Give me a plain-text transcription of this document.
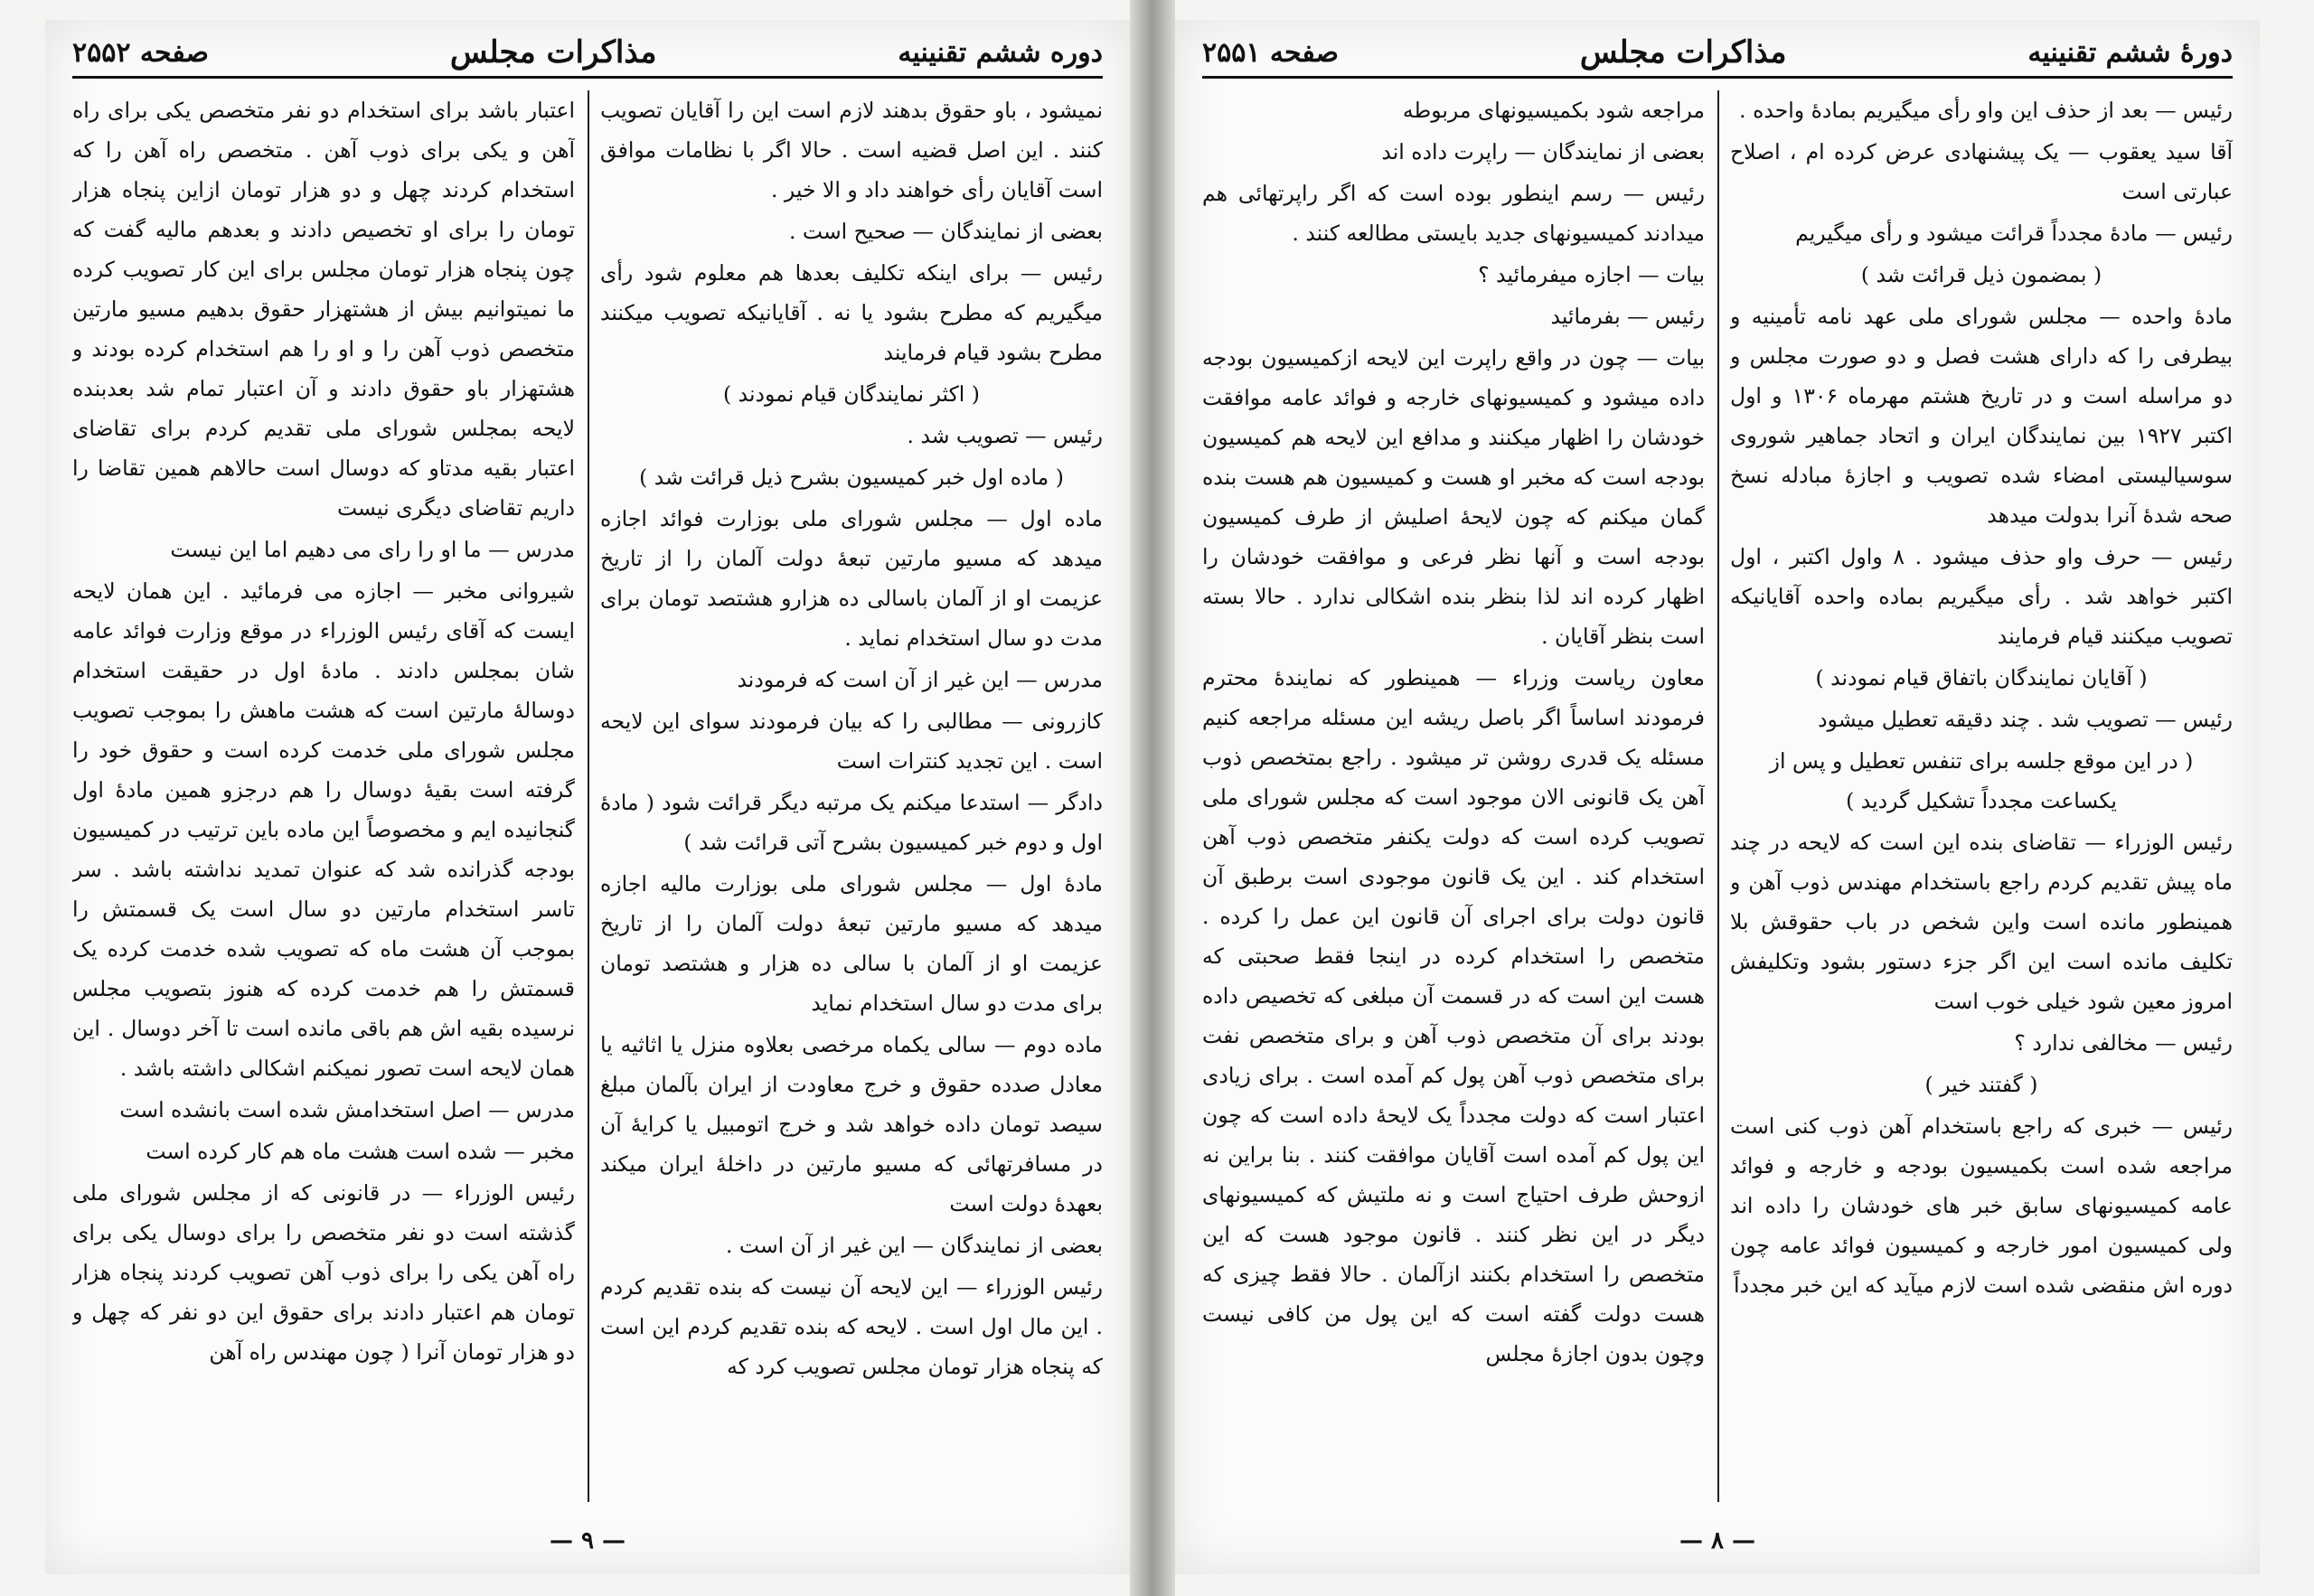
دوره ششم تقنینیه
مذاکرات مجلس
صفحه ۲۵۵۲

نمیشود ، باو حقوق بدهند لازم است این را آقایان تصویب کنند . این اصل قضیه است . حالا اگر با نظامات موافق است آقایان رأی خواهند داد و الا خیر .

بعضی از نمایندگان — صحیح است .

رئیس — برای اینکه تکلیف بعدها هم معلوم شود رأی میگیریم که مطرح بشود یا نه . آقایانیکه تصویب میکنند مطرح بشود قیام فرمایند

( اکثر نمایندگان قیام نمودند )

رئیس — تصویب شد .

( ماده اول خبر کمیسیون بشرح ذیل قرائت شد )

ماده اول — مجلس شورای ملی بوزارت فوائد اجازه میدهد که مسیو مارتین تبعهٔ دولت آلمان را از تاریخ عزیمت او از آلمان باسالی ده هزارو هشتصد تومان برای مدت دو سال استخدام نماید .

مدرس — این غیر از آن است که فرمودند

کازرونی — مطالبی را که بیان فرمودند سوای این لایحه است . این تجدید کنترات است

دادگر — استدعا میکنم یک مرتبه دیگر قرائت شود ( مادهٔ اول و دوم خبر کمیسیون بشرح آتی قرائت شد )

مادهٔ اول — مجلس شورای ملی بوزارت مالیه اجازه میدهد که مسیو مارتین تبعهٔ دولت آلمان را از تاریخ عزیمت او از آلمان با سالی ده هزار و هشتصد تومان برای مدت دو سال استخدام نماید

ماده دوم — سالی یکماه مرخصی بعلاوه منزل یا اثاثیه یا معادل صدده حقوق و خرج معاودت از ایران بآلمان مبلغ سیصد تومان داده خواهد شد و خرج اتومبیل یا کرایهٔ آن در مسافرتهائی که مسیو مارتین در داخلهٔ ایران میکند بعهدهٔ دولت است

بعضی از نمایندگان — این غیر از آن است .

رئیس الوزراء — این لایحه آن نیست که بنده تقدیم کردم . این مال اول است . لایحه که بنده تقدیم کردم این است که پنجاه هزار تومان مجلس تصویب کرد که

اعتبار باشد برای استخدام دو نفر متخصص یکی برای راه آهن و یکی برای ذوب آهن . متخصص راه آهن را که استخدام کردند چهل و دو هزار تومان ازاین پنجاه هزار تومان را برای او تخصیص دادند و بعدهم مالیه گفت که چون پنجاه هزار تومان مجلس برای این کار تصویب کرده ما نمیتوانیم بیش از هشتهزار حقوق بدهیم مسیو مارتین متخصص ذوب آهن را و او را هم استخدام کرده بودند و هشتهزار باو حقوق دادند و آن اعتبار تمام شد بعدبنده لایحه بمجلس شورای ملی تقدیم کردم برای تقاضای اعتبار بقیه مدتاو که دوسال است حالاهم همین تقاضا را داریم تقاضای دیگری نیست

مدرس — ما او را رای می دهیم اما این نیست

شیروانی مخبر — اجازه می فرمائید . این همان لایحه ایست که آقای رئیس الوزراء در موقع وزارت فوائد عامه شان بمجلس دادند . مادهٔ اول در حقیقت استخدام دوسالهٔ مارتین است که هشت ماهش را بموجب تصویب مجلس شورای ملی خدمت کرده است و حقوق خود را گرفته است بقیهٔ دوسال را هم درجزو همین مادهٔ اول گنجانیده ایم و مخصوصاً این ماده باین ترتیب در کمیسیون بودجه گذرانده شد که عنوان تمدید نداشته باشد . سر تاسر استخدام مارتین دو سال است یک قسمتش را بموجب آن هشت ماه که تصویب شده خدمت کرده یک قسمتش را هم خدمت کرده که هنوز بتصویب مجلس نرسیده بقیه اش هم باقی مانده است تا آخر دوسال . این همان لایحه است تصور نمیکنم اشکالی داشته باشد .

مدرس — اصل استخدامش شده است بانشده است

مخبر — شده است هشت ماه هم کار کرده است

رئیس الوزراء — در قانونی که از مجلس شورای ملی گذشته است دو نفر متخصص را برای دوسال یکی برای راه آهن یکی را برای ذوب آهن تصویب کردند پنجاه هزار تومان هم اعتبار دادند برای حقوق این دو نفر که چهل و دو هزار تومان آنرا ( چون مهندس راه آهن

— ۹ —
دورهٔ ششم تقنینیه
مذاکرات مجلس
صفحه ۲۵۵۱

رئیس — بعد از حذف این واو رأی میگیریم بمادهٔ واحده .

آقا سید یعقوب — یک پیشنهادی عرض کرده ام ، اصلاح عبارتی است

رئیس — مادهٔ مجدداً قرائت میشود و رأی میگیریم

( بمضمون ذیل قرائت شد )

مادهٔ واحده — مجلس شورای ملی عهد نامه تأمینیه و بیطرفی را که دارای هشت فصل و دو صورت مجلس و دو مراسله است و در تاریخ هشتم مهرماه ۱۳۰۶ و اول اکتبر ۱۹۲۷ بین نمایندگان ایران و اتحاد جماهیر شوروی سوسیالیستی امضاء شده تصویب و اجازهٔ مبادله نسخ صحه شدهٔ آنرا بدولت میدهد

رئیس — حرف واو حذف میشود . ۸ واول اکتبر ، اول اکتبر خواهد شد . رأی میگیریم بماده واحده آقایانیکه تصویب میکنند قیام فرمایند

( آقایان نمایندگان باتفاق قیام نمودند )

رئیس — تصویب شد . چند دقیقه تعطیل میشود

( در این موقع جلسه برای تنفس تعطیل و پس از یکساعت مجدداً تشکیل گردید )

رئیس الوزراء — تقاضای بنده این است که لایحه در چند ماه پیش تقدیم کردم راجع باستخدام مهندس ذوب آهن و همینطور مانده است واین شخص در باب حقوقش بلا تکلیف مانده است این اگر جزء دستور بشود وتکلیفش امروز معین شود خیلی خوب است

رئیس — مخالفی ندارد ؟

( گفتند خیر )

رئیس — خبری که راجع باستخدام آهن ذوب کنی است مراجعه شده است بکمیسیون بودجه و خارجه و فوائد عامه کمیسیونهای سابق خبر های خودشان را داده اند ولی کمیسیون امور خارجه و کمیسیون فوائد عامه چون دوره اش منقضی شده است لازم میآید که این خبر مجدداً

مراجعه شود بکمیسیونهای مربوطه

بعضی از نمایندگان — راپرت داده اند

رئیس — رسم اینطور بوده است که اگر راپرتهائی هم میدادند کمیسیونهای جدید بایستی مطالعه کنند .

بیات — اجازه میفرمائید ؟

رئیس — بفرمائید

بیات — چون در واقع راپرت این لایحه ازکمیسیون بودجه داده میشود و کمیسیونهای خارجه و فوائد عامه موافقت خودشان را اظهار میکنند و مدافع این لایحه هم کمیسیون بودجه است که مخبر او هست و کمیسیون هم هست بنده گمان میکنم که چون لایحهٔ اصلیش از طرف کمیسیون بودجه است و آنها نظر فرعی و موافقت خودشان را اظهار کرده اند لذا بنظر بنده اشکالی ندارد . حالا بسته است بنظر آقایان .

معاون ریاست وزراء — همینطور که نمایندهٔ محترم فرمودند اساساً اگر باصل ریشه این مسئله مراجعه کنیم مسئله یک قدری روشن تر میشود . راجع بمتخصص ذوب آهن یک قانونی الان موجود است که مجلس شورای ملی تصویب کرده است که دولت یکنفر متخصص ذوب آهن استخدام کند . این یک قانون موجودی است برطبق آن قانون دولت برای اجرای آن قانون این عمل را کرده . متخصص را استخدام کرده در اینجا فقط صحبتی که هست این است که در قسمت آن مبلغی که تخصیص داده بودند برای آن متخصص ذوب آهن و برای متخصص نفت برای متخصص ذوب آهن پول کم آمده است . برای زیادی اعتبار است که دولت مجدداً یک لایحهٔ داده است که چون این پول کم آمده است آقایان موافقت کنند . بنا براین نه ازوحش طرف احتیاج است و نه ملتیش که کمیسیونهای دیگر در این نظر کنند . قانون موجود هست که این متخصص را استخدام بکنند ازآلمان . حالا فقط چیزی که هست دولت گفته است که این پول من کافی نیست وچون بدون اجازهٔ مجلس

— ۸ —
